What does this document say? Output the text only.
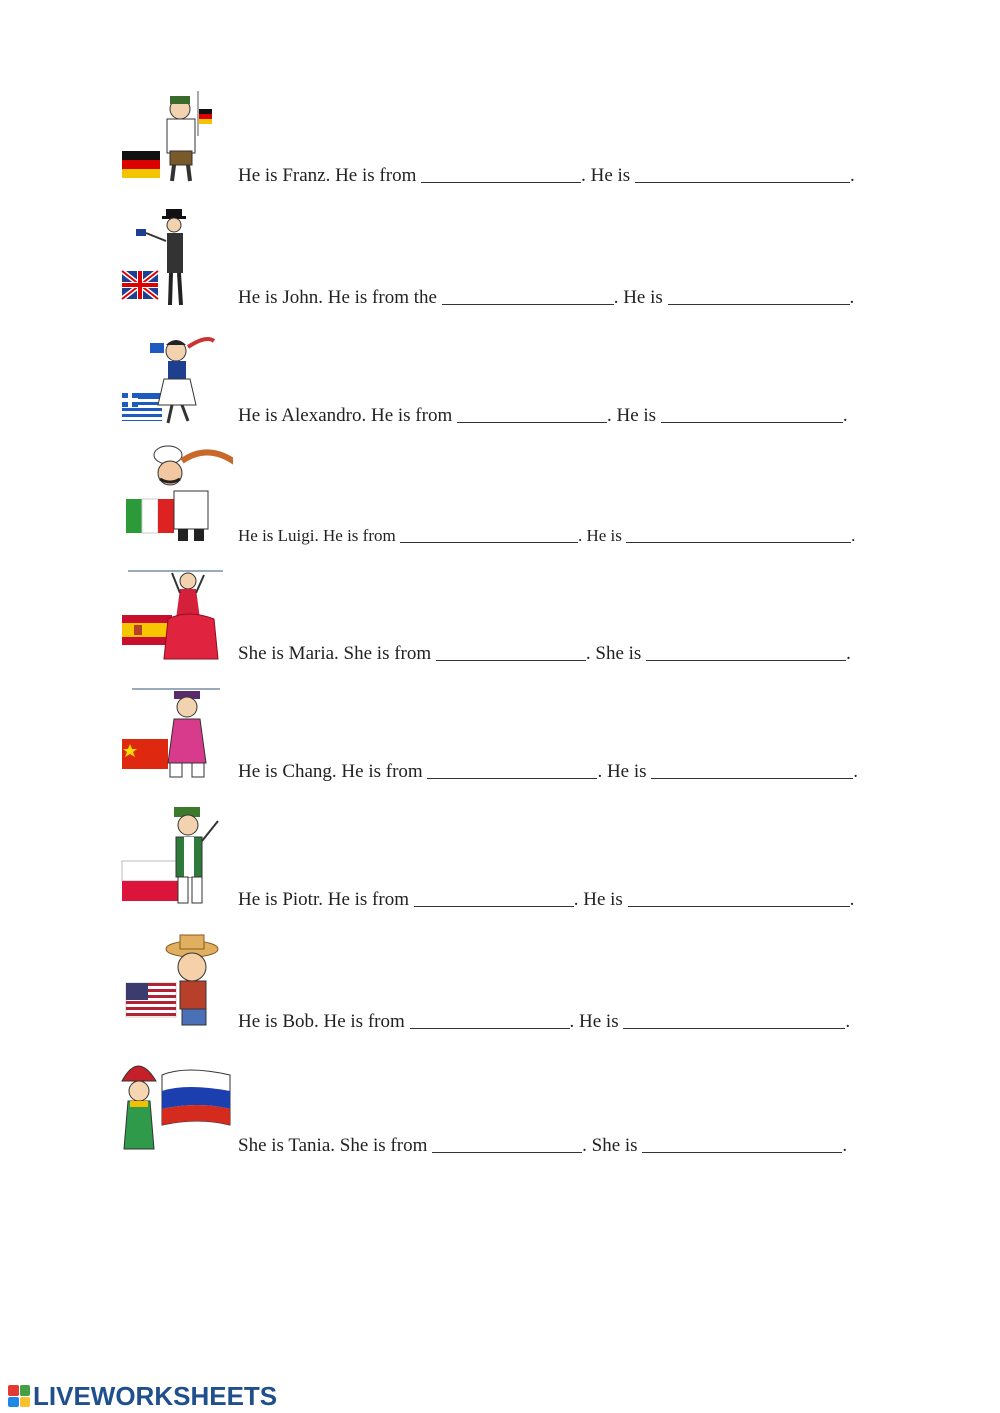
He is Franz. He is from	. He is	.
He is John. He is from the	. He is	.
He is Alexandro. He is from	. He is	.
He is Luigi. He is from	. He is	.
She is Maria. She is from	. She is	.
He is Chang. He is from	. He is	.
He is Piotr. He is from	. He is	.
He is Bob. He is from	. He is	.
She is Tania. She is from	. She is	.
LIVEWORKSHEETS
